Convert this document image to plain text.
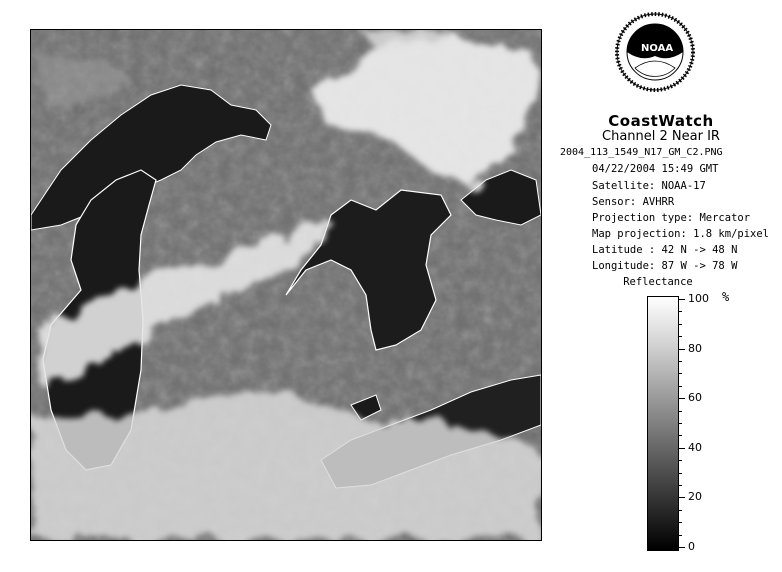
NOAA
CoastWatch
Channel 2 Near IR
2004_113_1549_N17_GM_C2.PNG
04/22/2004 15:49 GMT
Satellite: NOAA-17
Sensor: AVHRR
Projection type: Mercator
Map projection: 1.8 km/pixel
Latitude : 42 N -> 48 N
Longitude: 87 W -> 78 W
Reflectance
%
100
80
60
40
20
0
